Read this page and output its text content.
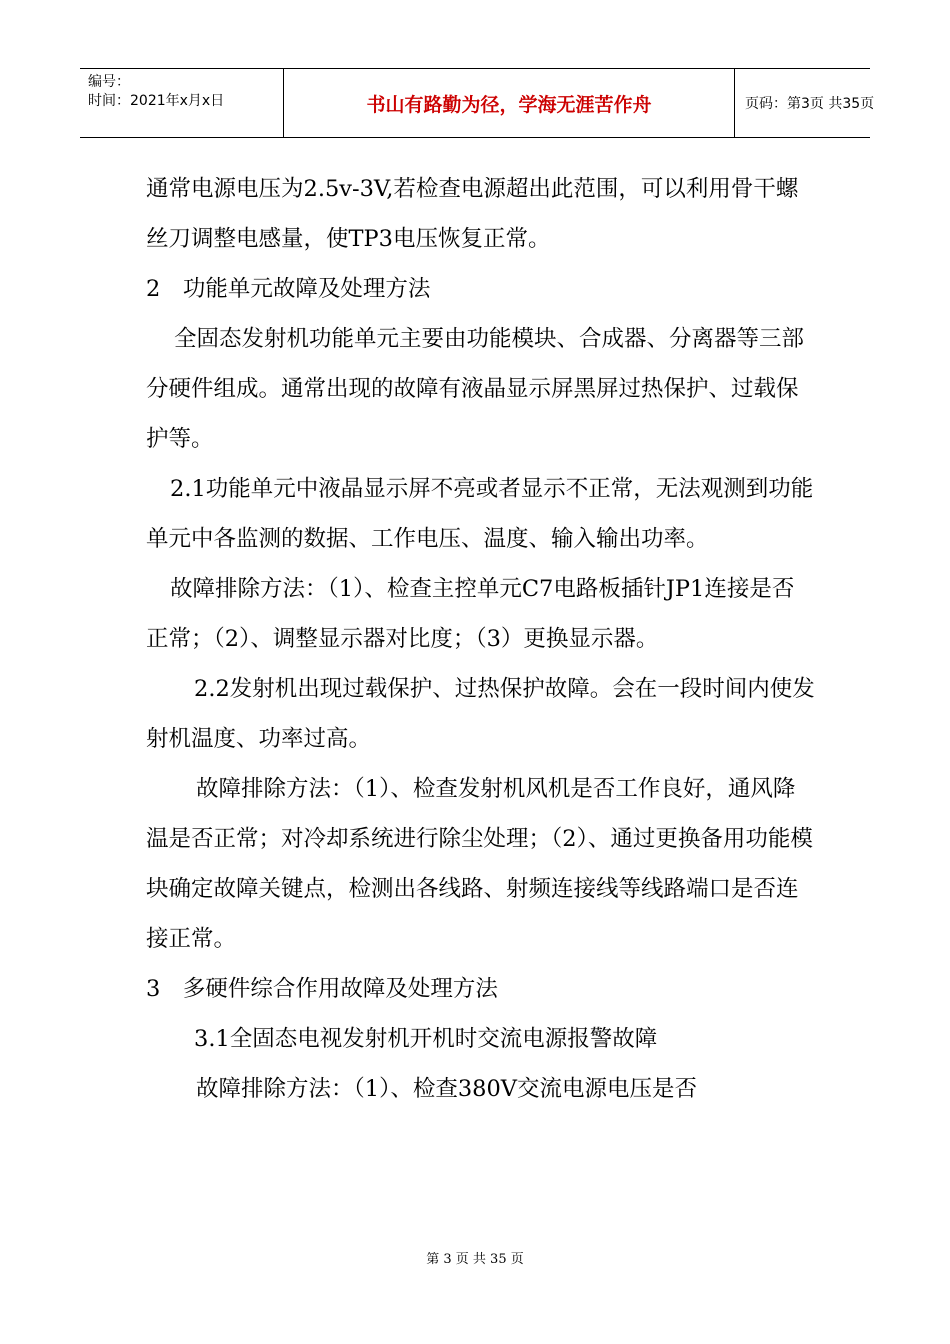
编号：
时间：2021年x月x日	书山有路勤为径，学海无涯苦作舟	页码：第3页 共35页

通常电源电压为2.5v-3V,若检查电源超出此范围，可以利用骨干螺丝刀调整电感量，使TP3电压恢复正常。

2　功能单元故障及处理方法

全固态发射机功能单元主要由功能模块、合成器、分离器等三部分硬件组成。通常出现的故障有液晶显示屏黑屏过热保护、过载保护等。

2.1功能单元中液晶显示屏不亮或者显示不正常，无法观测到功能单元中各监测的数据、工作电压、温度、输入输出功率。

故障排除方法：（1）、检查主控单元C7电路板插针JP1连接是否正常；（2）、调整显示器对比度；（3）更换显示器。

2.2发射机出现过载保护、过热保护故障。会在一段时间内使发射机温度、功率过高。

故障排除方法：（1）、检查发射机风机是否工作良好，通风降温是否正常；对冷却系统进行除尘处理；（2）、通过更换备用功能模块确定故障关键点，检测出各线路、射频连接线等线路端口是否连接正常。

3　多硬件综合作用故障及处理方法

3.1全固态电视发射机开机时交流电源报警故障

故障排除方法：（1）、检查380V交流电源电压是否

第 3 页 共 35 页
